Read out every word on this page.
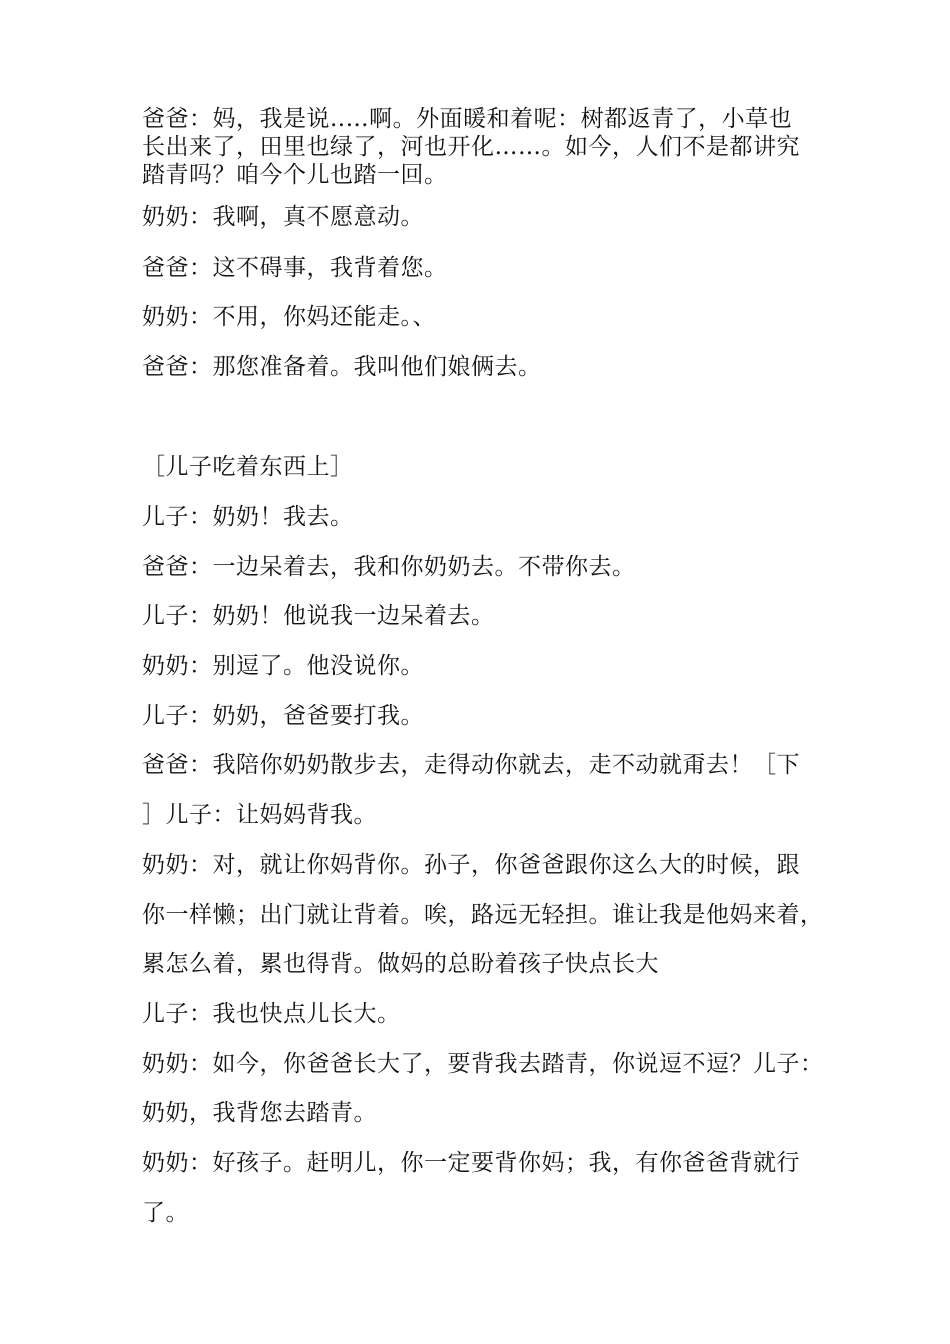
爸爸：妈，我是说..…啊。外面暖和着呢：树都返青了，小草也
长出来了，田里也绿了，河也开化……。如今，人们不是都讲究
踏青吗？咱今个儿也踏一回。
奶奶：我啊，真不愿意动。
爸爸：这不碍事，我背着您。
奶奶：不用，你妈还能走。、
爸爸：那您准备着。我叫他们娘俩去。
［儿子吃着东西上］
儿子：奶奶！我去。
爸爸：一边呆着去，我和你奶奶去。不带你去。
儿子：奶奶！他说我一边呆着去。
奶奶：别逗了。他没说你。
儿子：奶奶，爸爸要打我。
爸爸：我陪你奶奶散步去，走得动你就去，走不动就甭去！［下
］儿子：让妈妈背我。
奶奶：对，就让你妈背你。孙子，你爸爸跟你这么大的时候，跟
你一样懒；出门就让背着。唉，路远无轻担。谁让我是他妈来着，
累怎么着，累也得背。做妈的总盼着孩子快点长大
儿子：我也快点儿长大。
奶奶：如今，你爸爸长大了，要背我去踏青，你说逗不逗？儿子：
奶奶，我背您去踏青。
奶奶：好孩子。赶明儿，你一定要背你妈；我，有你爸爸背就行
了。
